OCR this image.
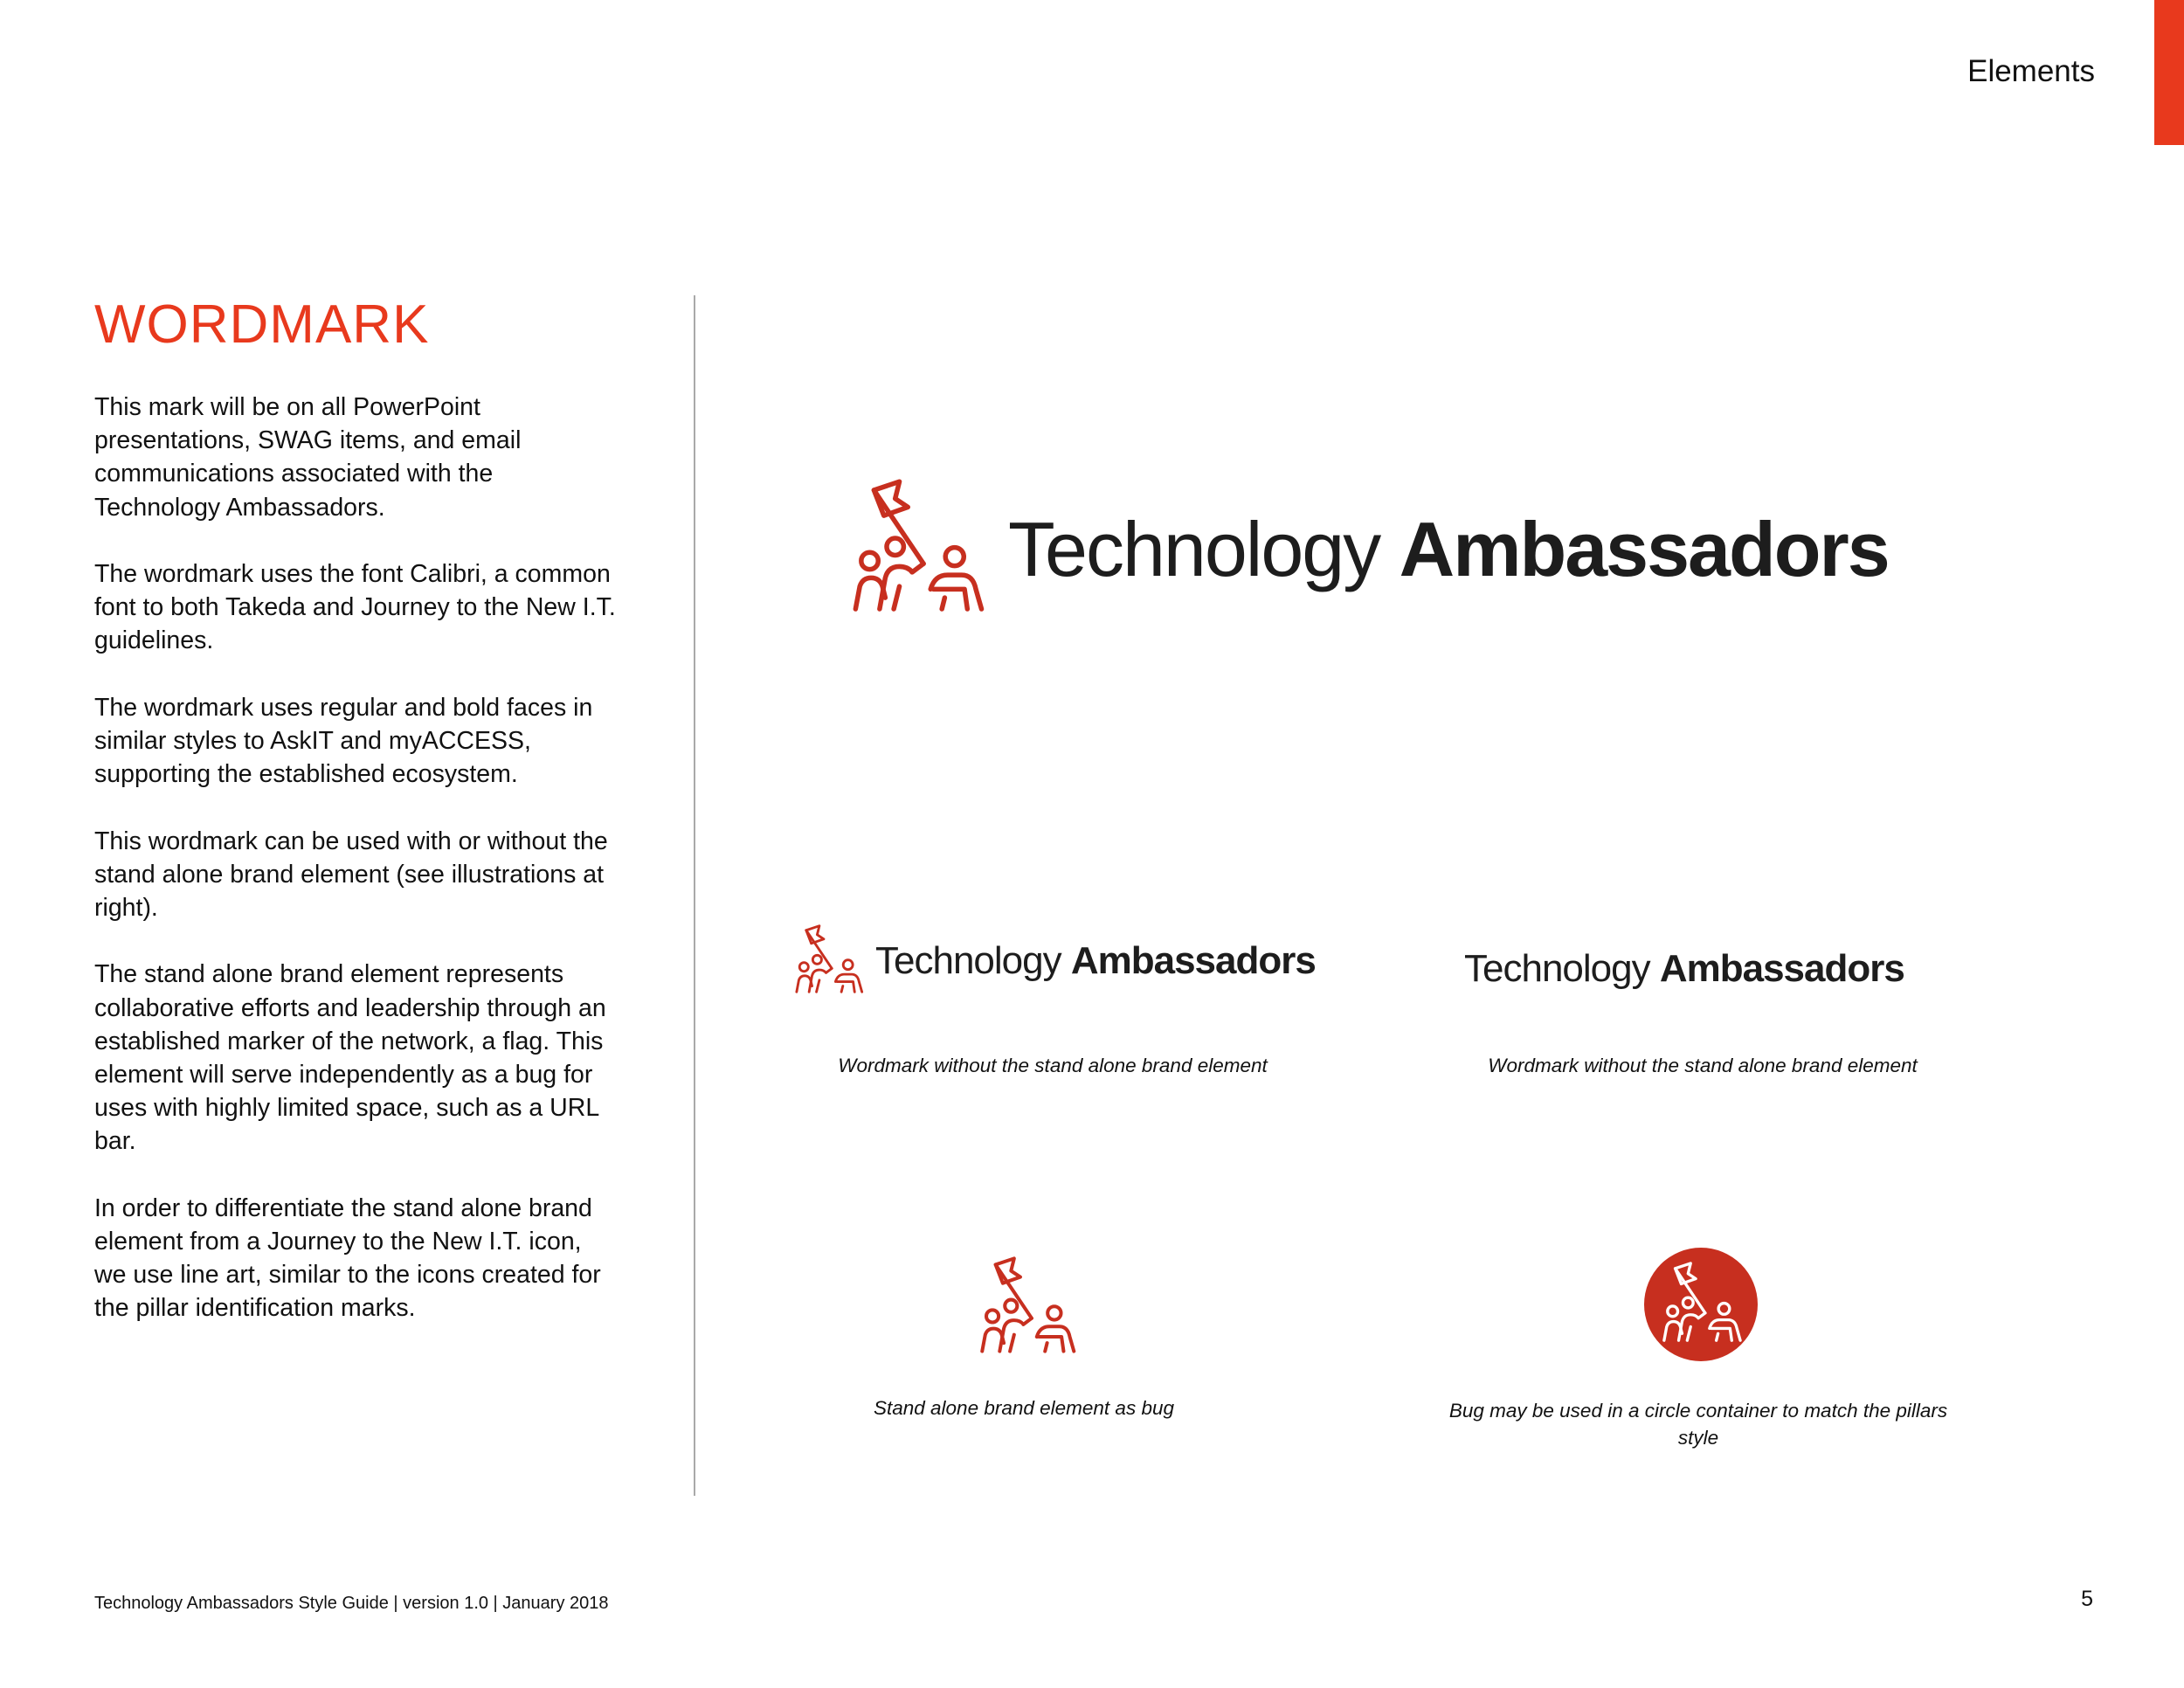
Elements
WORDMARK

This mark will be on all PowerPoint presentations, SWAG items, and email communications associated with the Technology Ambassadors.

The wordmark uses the font Calibri, a common font to both Takeda and Journey to the New I.T. guidelines.

The wordmark uses regular and bold faces in similar styles to AskIT and myACCESS, supporting the established ecosystem.

This wordmark can be used with or without the stand alone brand element (see illustrations at right).

The stand alone brand element represents collaborative efforts and leadership through an established marker of the network, a flag. This element will serve independently as a bug for uses with highly limited space, such as a URL bar.

In order to differentiate the stand alone brand element from a Journey to the New I.T. icon, we use line art, similar to the icons created for the pillar identification marks.

Technology Ambassadors
Technology Ambassadors
Wordmark without the stand alone brand element
Technology Ambassadors
Wordmark without the stand alone brand element
Stand alone brand element as bug	Bug may be used in a circle container to match the pillars style
Technology Ambassadors Style Guide | version 1.0 | January 2018	5
